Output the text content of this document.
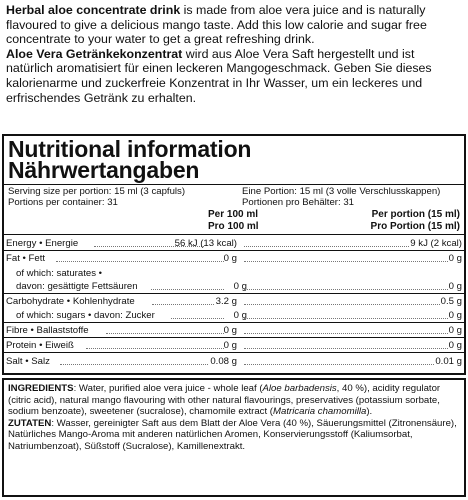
Herbal aloe concentrate drink is made from aloe vera juice and is naturally flavoured to give a delicious mango taste. Add this low calorie and sugar free concentrate to your water to get a great refreshing drink.
Aloe Vera Getränkekonzentrat wird aus Aloe Vera Saft hergestellt und ist natürlich aromatisiert für einen leckeren Mangogeschmack. Geben Sie dieses kalorienarme und zuckerfreie Konzentrat in Ihr Wasser, um ein leckeres und erfrischendes Getränk zu erhalten.
Nutritional information
Nährwertangaben
Serving size per portion: 15 ml (3 capfuls)
Portions per container: 31
Eine Portion: 15 ml (3 volle Verschlusskappen)
Portionen pro Behälter: 31
Per 100 ml
Pro 100 ml
Per portion (15 ml)
Pro Portion (15 ml)
Energy • Energie	56 kJ (13 kcal)	9 kJ (2 kcal)
Fat • Fett	0 g	0 g
of which: saturates •
davon: gesättigte Fettsäuren	0 g	0 g
Carbohydrate • Kohlenhydrate	3.2 g	0.5 g
of which: sugars • davon: Zucker	0 g	0 g
Fibre • Ballaststoffe	0 g	0 g
Protein • Eiweiß	0 g	0 g
Salt • Salz	0.08 g	0.01 g
INGREDIENTS: Water, purified aloe vera juice - whole leaf (Aloe barbadensis, 40 %), acidity regulator (citric acid), natural mango flavouring with other natural flavourings, preservatives (potassium sorbate, sodium benzoate), sweetener (sucralose), chamomile extract (Matricaria chamomilla).
ZUTATEN: Wasser, gereinigter Saft aus dem Blatt der Aloe Vera (40 %), Säuerungsmittel (Zitronensäure), Natürliches Mango-Aroma mit anderen natürlichen Aromen, Konservierungsstoff (Kaliumsorbat, Natriumbenzoat), Süßstoff (Sucralose), Kamillenextrakt.
